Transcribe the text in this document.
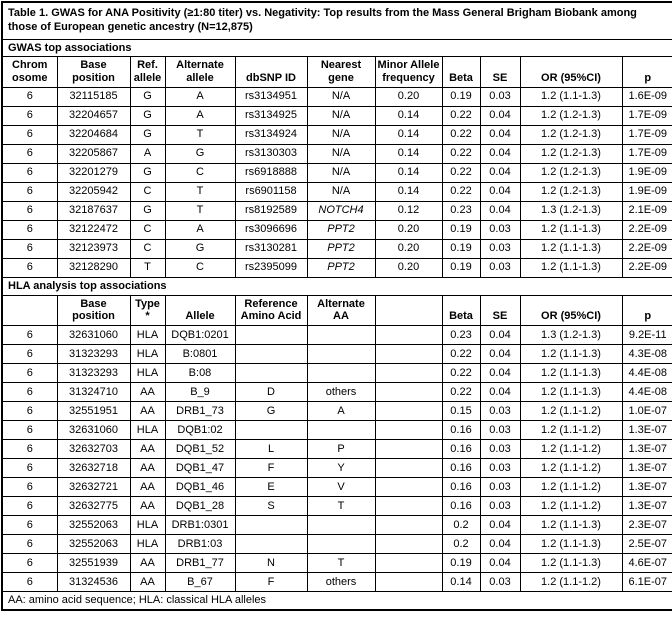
Table 1. GWAS for ANA Positivity (≥1:80 titer) vs. Negativity: Top results from the Mass General Brigham Biobank among those of European genetic ancestry (N=12,875)										
GWAS top associations										
Chrom osome	Base position	Ref. allele	Alternate allele	dbSNP ID	Nearest gene	Minor Allele frequency	Beta	SE	OR (95%CI)	p
6	32115185	G	A	rs3134951	N/A	0.20	0.19	0.03	1.2 (1.1-1.3)	1.6E-09
6	32204657	G	A	rs3134925	N/A	0.14	0.22	0.04	1.2 (1.2-1.3)	1.7E-09
6	32204684	G	T	rs3134924	N/A	0.14	0.22	0.04	1.2 (1.2-1.3)	1.7E-09
6	32205867	A	G	rs3130303	N/A	0.14	0.22	0.04	1.2 (1.2-1.3)	1.7E-09
6	32201279	G	C	rs6918888	N/A	0.14	0.22	0.04	1.2 (1.2-1.3)	1.9E-09
6	32205942	C	T	rs6901158	N/A	0.14	0.22	0.04	1.2 (1.2-1.3)	1.9E-09
6	32187637	G	T	rs8192589	NOTCH4	0.12	0.23	0.04	1.3 (1.2-1.3)	2.1E-09
6	32122472	C	A	rs3096696	PPT2	0.20	0.19	0.03	1.2 (1.1-1.3)	2.2E-09
6	32123973	C	G	rs3130281	PPT2	0.20	0.19	0.03	1.2 (1.1-1.3)	2.2E-09
6	32128290	T	C	rs2395099	PPT2	0.20	0.19	0.03	1.2 (1.1-1.3)	2.2E-09
HLA analysis top associations										
	Base position	Type *	Allele	Reference Amino Acid	Alternate AA		Beta	SE	OR (95%CI)	p
6	32631060	HLA	DQB1:0201				0.23	0.04	1.3 (1.2-1.3)	9.2E-11
6	31323293	HLA	B:0801				0.22	0.04	1.2 (1.1-1.3)	4.3E-08
6	31323293	HLA	B:08				0.22	0.04	1.2 (1.1-1.3)	4.4E-08
6	31324710	AA	B_9	D	others		0.22	0.04	1.2 (1.1-1.3)	4.4E-08
6	32551951	AA	DRB1_73	G	A		0.15	0.03	1.2 (1.1-1.2)	1.0E-07
6	32631060	HLA	DQB1:02				0.16	0.03	1.2 (1.1-1.2)	1.3E-07
6	32632703	AA	DQB1_52	L	P		0.16	0.03	1.2 (1.1-1.2)	1.3E-07
6	32632718	AA	DQB1_47	F	Y		0.16	0.03	1.2 (1.1-1.2)	1.3E-07
6	32632721	AA	DQB1_46	E	V		0.16	0.03	1.2 (1.1-1.2)	1.3E-07
6	32632775	AA	DQB1_28	S	T		0.16	0.03	1.2 (1.1-1.2)	1.3E-07
6	32552063	HLA	DRB1:0301				0.2	0.04	1.2 (1.1-1.3)	2.3E-07
6	32552063	HLA	DRB1:03				0.2	0.04	1.2 (1.1-1.3)	2.5E-07
6	32551939	AA	DRB1_77	N	T		0.19	0.04	1.2 (1.1-1.3)	4.6E-07
6	31324536	AA	B_67	F	others		0.14	0.03	1.2 (1.1-1.2)	6.1E-07
AA: amino acid sequence; HLA: classical HLA alleles										
